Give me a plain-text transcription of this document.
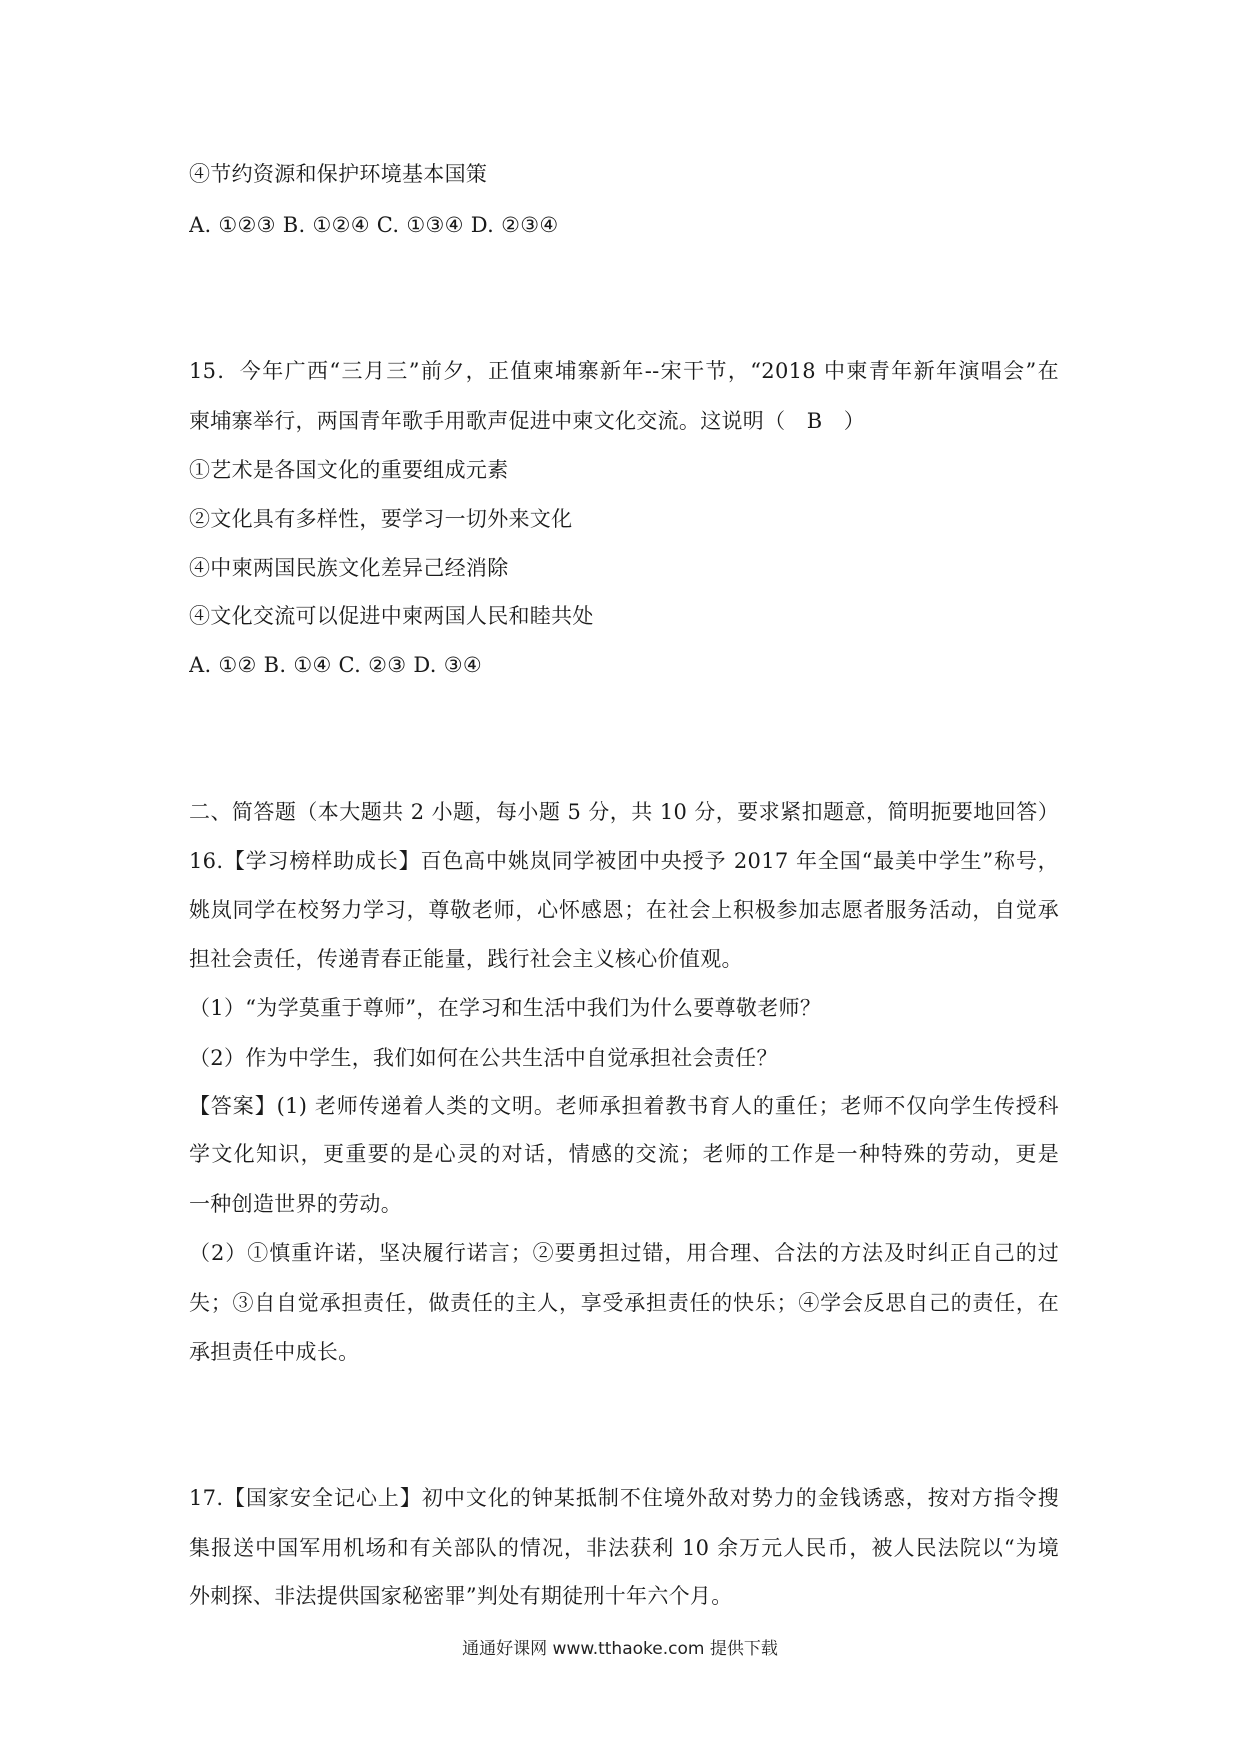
④节约资源和保护环境基本国策
A. ①②③ B. ①②④ C. ①③④ D. ②③④
15．今年广西“三月三”前夕，正值柬埔寨新年--宋干节，“2018 中柬青年新年演唱会”在
柬埔寨举行，两国青年歌手用歌声促进中柬文化交流。这说明（　B　）
①艺术是各国文化的重要组成元素
②文化具有多样性，要学习一切外来文化
④中柬两国民族文化差异己经消除
④文化交流可以促进中柬两国人民和睦共处
A. ①② B. ①④ C. ②③ D. ③④
二、简答题（本大题共 2 小题，每小题 5 分，共 10 分，要求紧扣题意，简明扼要地回答）
16.【学习榜样助成长】百色高中姚岚同学被团中央授予 2017 年全国“最美中学生”称号，
姚岚同学在校努力学习，尊敬老师，心怀感恩；在社会上积极参加志愿者服务活动，自觉承
担社会责任，传递青春正能量，践行社会主义核心价值观。
（1）“为学莫重于尊师”，在学习和生活中我们为什么要尊敬老师？
（2）作为中学生，我们如何在公共生活中自觉承担社会责任？
【答案】(1) 老师传递着人类的文明。老师承担着教书育人的重任；老师不仅向学生传授科
学文化知识，更重要的是心灵的对话，情感的交流；老师的工作是一种特殊的劳动，更是
一种创造世界的劳动。
（2）①慎重许诺，坚决履行诺言；②要勇担过错，用合理、合法的方法及时纠正自己的过
失；③自自觉承担责任，做责任的主人，享受承担责任的快乐；④学会反思自己的责任，在
承担责任中成长。
17.【国家安全记心上】初中文化的钟某抵制不住境外敌对势力的金钱诱惑，按对方指令搜
集报送中国军用机场和有关部队的情况，非法获利 10 余万元人民币，被人民法院以“为境
外刺探、非法提供国家秘密罪”判处有期徒刑十年六个月。
通通好课网 www.tthaoke.com 提供下载
